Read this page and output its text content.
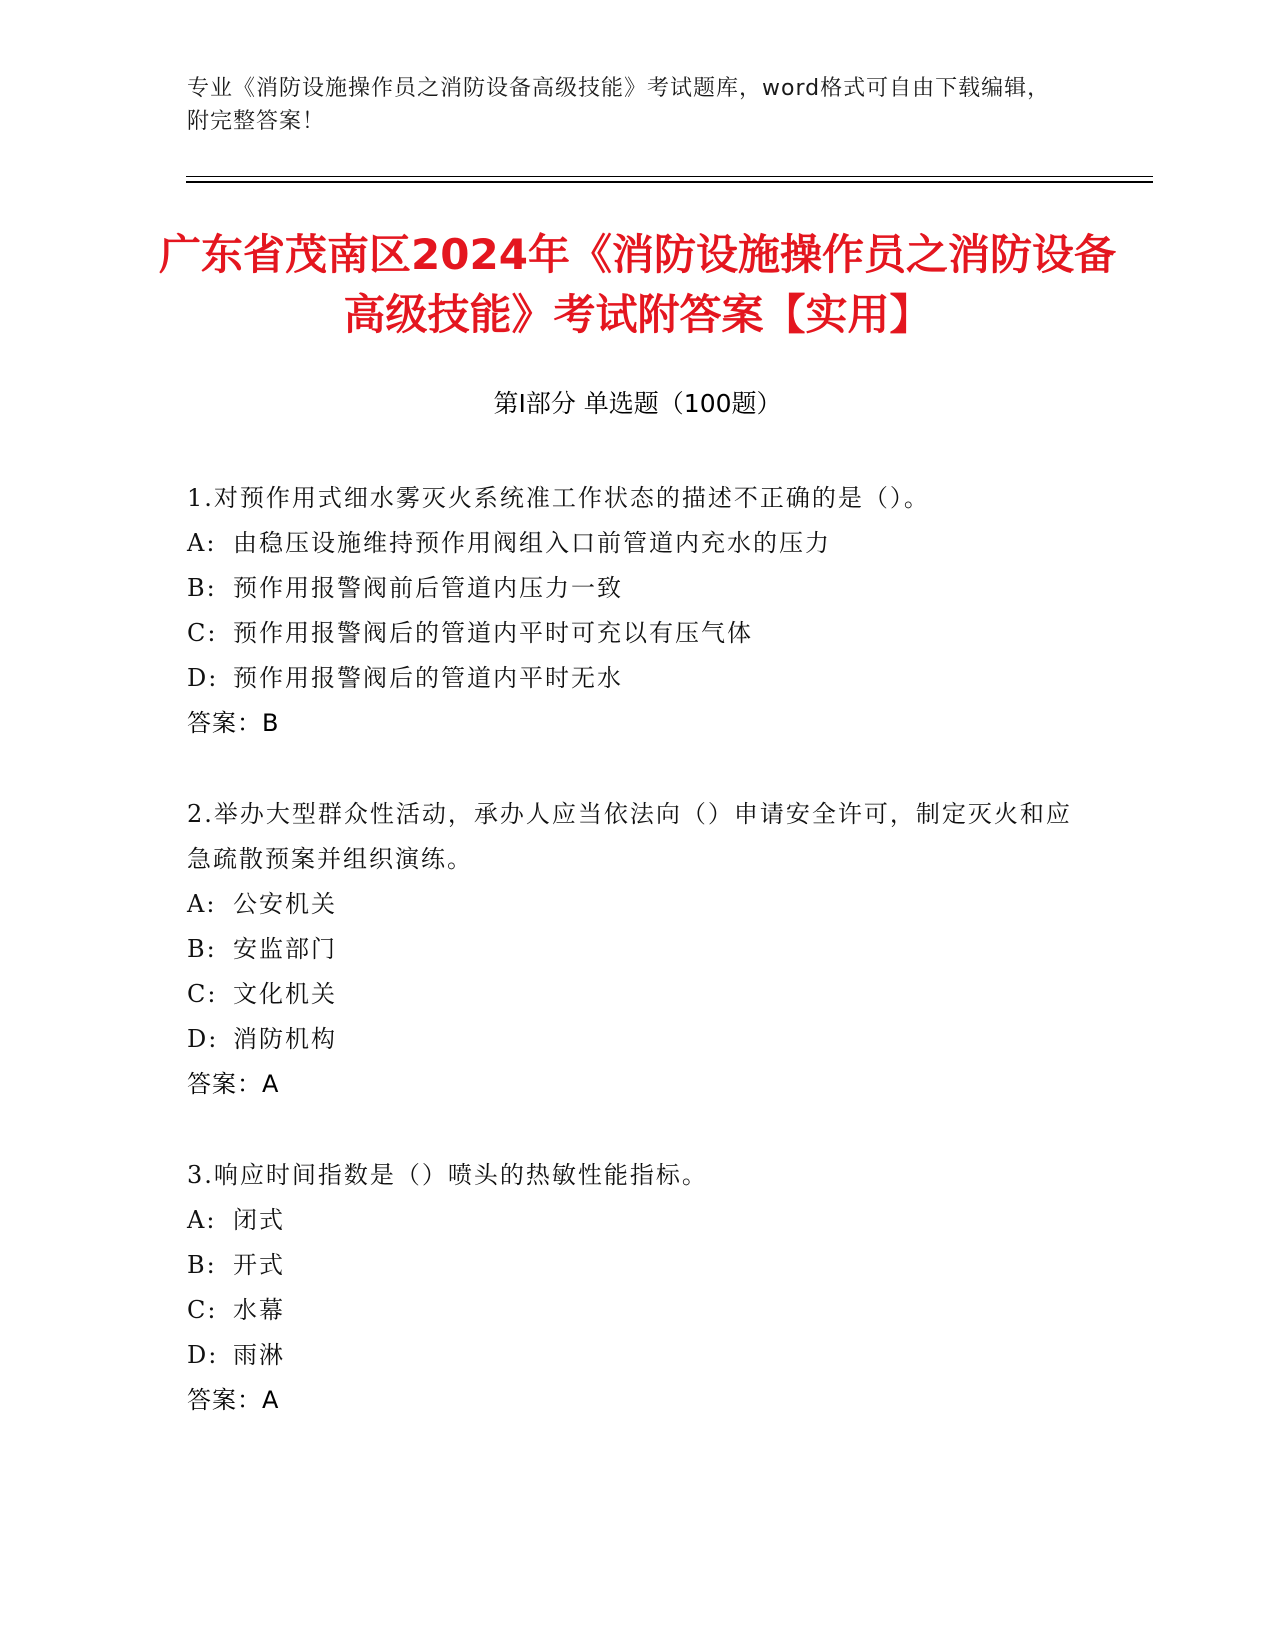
专业《消防设施操作员之消防设备高级技能》考试题库，word格式可自由下载编辑，附完整答案！
广东省茂南区2024年《消防设施操作员之消防设备高级技能》考试附答案【实用】
第I部分 单选题（100题）
1.对预作用式细水雾灭火系统准工作状态的描述不正确的是（）。
A: 由稳压设施维持预作用阀组入口前管道内充水的压力
B: 预作用报警阀前后管道内压力一致
C: 预作用报警阀后的管道内平时可充以有压气体
D: 预作用报警阀后的管道内平时无水
答案：B
2.举办大型群众性活动，承办人应当依法向（）申请安全许可，制定灭火和应急疏散预案并组织演练。
A: 公安机关
B: 安监部门
C: 文化机关
D: 消防机构
答案：A
3.响应时间指数是（）喷头的热敏性能指标。
A: 闭式
B: 开式
C: 水幕
D: 雨淋
答案：A
